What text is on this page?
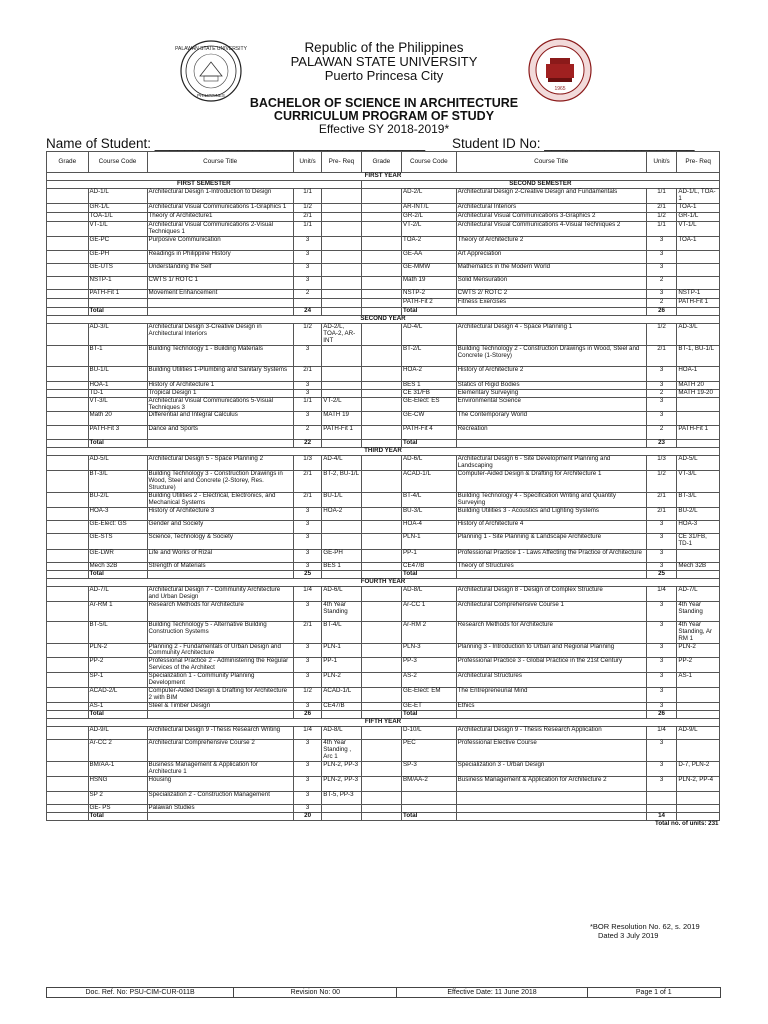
PALAWAN STATE UNIVERSITY
PHILIPPINES
1965
Republic of the Philippines
PALAWAN STATE UNIVERSITY
Puerto Princesa City
BACHELOR OF SCIENCE IN ARCHITECTURE
CURRICULUM PROGRAM OF STUDY
Effective SY 2018-2019*
Name of Student: ____________________________________ Student ID No: ____________________
Grade	Course Code	Course Title	Unit/s	Pre- Req	Grade	Course Code	Course Title	Unit/s	Pre- Req
FIRST YEAR									
FIRST SEMESTER					SECOND SEMESTER				
	AD-1/L	Architectural Design 1-Introduction to Design	1/1			AD-2/L	Architectural Design 2-Creative Design and Fundamentals	1/1	AD-1/L, TOA-1
	GR-1/L	Architectural Visual Communications 1-Graphics 1	1/2			AR-INT/L	Architectural Interiors	2/1	TOA-1
	TOA-1/L	Theory of Architecture1	2/1			GR-2/L	Architectural Visual Communications 3-Graphics 2	1/2	GR-1/L
	VT-1/L	Architectural Visual Communications 2-Visual Techniques 1	1/1			VT-2/L	Architectural Visual Communications 4-Visual Techniques 2	1/1	VT-1/L
	GE-PC	Purposive Communication	3			TOA-2	Theory of Architecture 2	3	TOA-1
	GE-PH	Readings in Philippine History	3			GE-AA	Art Appreciation	3	
	GE-UTS	Understanding the Self	3			GE-MMW	Mathematics in the Modern World	3	
	NSTP-1	CWTS 1/ ROTC 1	3			Math 19	Solid Mensuration	2	
	PATH-Fit 1	Movement Enhancement	2			NSTP-2	CWTS 2/ ROTC 2	3	NSTP-1
						PATH-Fit 2	Fitness Exercises	2	PATH-Fit 1
	Total		24			Total		26	
SECOND YEAR									
	AD-3/L	Architectural Design 3-Creative Design in Architectural Interiors	1/2	AD-2/L, TOA-2, AR-INT		AD-4/L	Architectural Design 4 - Space Planning 1	1/2	AD-3/L
	BT-1	Building Technology 1 - Building Materials	3			BT-2/L	Building Technology 2 - Construction Drawings in Wood, Steel and Concrete (1-Storey)	2/1	BT-1, BU-1/L
	BU-1/L	Building Utilities 1-Plumbing and Sanitary Systems	2/1			HOA-2	History of Architecture 2	3	HOA-1
	HOA-1	History of Architecture 1	3			BES 1	Statics of Rigid Bodies	3	MATH 20
	TD-1	Tropical Design 1	3			CE 31/FB	Elementary Surveying	2	MATH 19-20
	VT-3/L	Architectural Visual Communications 5-Visual Techniques 3	1/1	VT-2/L		GE-Elect: ES	Environmental Science	3	
	Math 20	Differential and Integral Calculus	3	MATH 19		GE-CW	The Contemporary World	3	
	PATH-Fit 3	Dance and Sports	2	PATH-Fit 1		PATH-Fit 4	Recreation	2	PATH-Fit 1
	Total		22			Total		23	
THIRD YEAR									
	AD-5/L	Architectural Design 5 - Space Planning 2	1/3	AD-4/L		AD-6/L	Architectural Design 6 - Site Development Planning and Landscaping	1/3	AD-5/L
	BT-3/L	Building Technology 3 - Construction Drawings in Wood, Steel and Concrete (2-Storey, Res. Structure)	2/1	BT-2, BU-1/L		ACAD-1/L	Computer-Aided Design & Drafting for Architecture 1	1/2	VT-3/L
	BU-2/L	Building Utilities 2 - Electrical, Electronics, and Mechanical Systems	2/1	BU-1/L		BT-4/L	Building Technology 4 - Specification Writing and Quantity Surveying	2/1	BT-3/L
	HOA-3	History of Architecture 3	3	HOA-2		BU-3/L	Building Utilities 3 - Acoustics and Lighting Systems	2/1	BU-2/L
	GE-Elect: GS	Gender and Society	3			HOA-4	History of Architecture 4	3	HOA-3
	GE-STS	Science, Technology & Society	3			PLN-1	Planning 1 - Site Planning & Landscape Architecture	3	CE 31/FB, TD-1
	GE-LWR	Life and Works of Rizal	3	GE-PH		PP-1	Professional Practice 1 - Laws Affecting the Practice of Architecture	3	
	Mech 32B	Strength of Materials	3	BES 1		CE47/B	Theory of Structures	3	Mech 32B
	Total		25			Total		25	
FOURTH YEAR									
	AD-7/L	Architectural Design 7 - Community Architecture and Urban Design	1/4	AD-6/L		AD-8/L	Architectural Design 8 - Design of Complex Structure	1/4	AD-7/L
	Ar-RM 1	Research Methods for Architecture	3	4th Year Standing		Ar-CC 1	Architectural Comprehensive Course 1	3	4th Year Standing
	BT-5/L	Building Technology 5 - Alternative Building Construction Systems	2/1	BT-4/L		Ar-RM 2	Research Methods for Architecture	3	4th Year Standing, Ar RM 1
	PLN-2	Planning 2 - Fundamentals of Urban Design and Community Architecture	3	PLN-1		PLN-3	Planning 3 - Introduction to Urban and Regional Planning	3	PLN-2
	PP-2	Professional Practice 2 - Administering the Regular Services of the Architect	3	PP-1		PP-3	Professional Practice 3 - Global Practice in the 21st Century	3	PP-2
	SP-1	Specialization 1 - Community Planning Development	3	PLN-2		AS-2	Architectural Structures	3	AS-1
	ACAD-2/L	Computer-Aided Design & Drafting for Architecture 2 with BIM	1/2	ACAD-1/L		GE-Elect: EM	The Entrepreneurial Mind	3	
	AS-1	Steel & Timber Design	3	CE47/B		GE-ET	Ethics	3	
	Total		26			Total		26	
FIFTH YEAR									
	AD-9/L	Architectural Design 9 -Thesis Research Writing	1/4	AD-8/L		D-10/L	Architectural Design 9 - Thesis Research Application	1/4	AD-9/L
	Ar-CC 2	Architectural Comprehensive Course 2	3	4th Year Standing , Arc 1		PEC	Professional Elective Course	3	
	BM/AA-1	Business Management & Application for Architecture 1	3	PLN-2, PP-3		SP-3	Specialization 3 - Urban Design	3	D-7, PLN-2
	HSNG	Housing	3	PLN-2, PP-3		BM/AA-2	Business Management & Application for Architecture 2	3	PLN-2, PP-4
	SP 2	Specialization 2 - Construction Management	3	BT-5, PP-3					
	GE- PS	Palawan Studies	3						
	Total		20			Total		14	
Total no. of units: 231									
*BOR Resolution No. 62, s. 2019
Dated 3 July 2019
Doc. Ref. No: PSU-CIM-CUR-011B	Revision No: 00	Effective Date: 11 June 2018	Page 1 of 1
